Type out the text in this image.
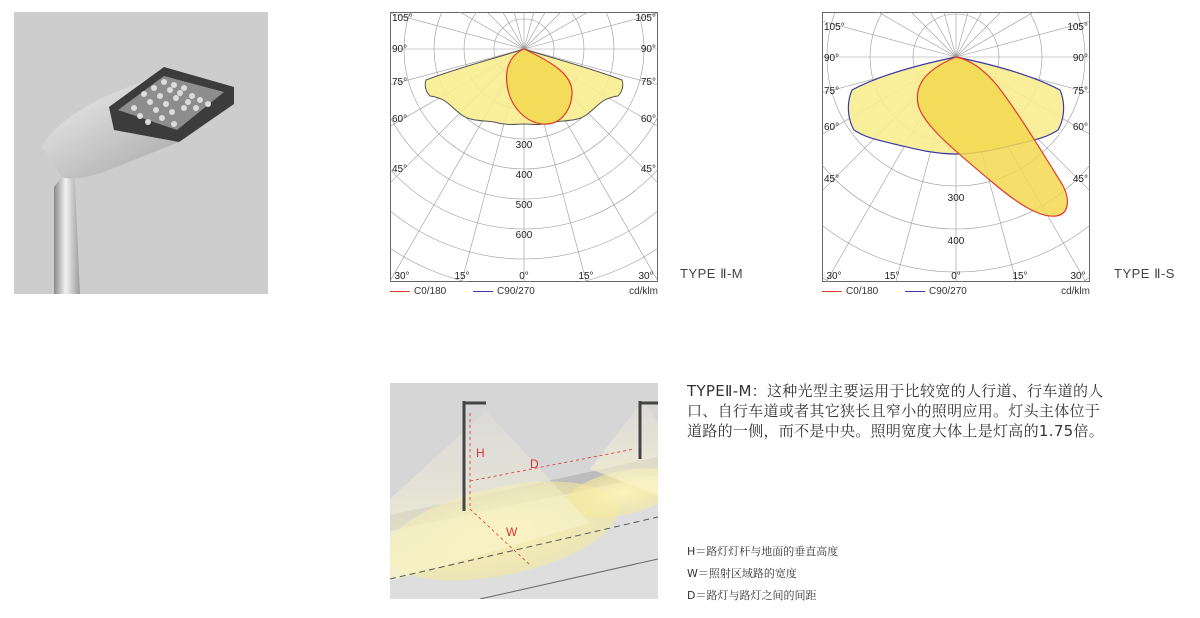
105°
90°
75°
60°
45°
105°
90°
75°
60°
45°
30°	15°	0°	15°	30°
300
400
500
600
C0/180	C90/270	cd/klm
TYPE Ⅱ-M
105°
90°
75°
60°
45°
105°
90°
75°
60°
45°
30°	15°	0°	15°	30°
300
400
C0/180	C90/270	cd/klm
TYPE Ⅱ-S
H
D
W
TYPEⅡ-M：这种光型主要运用于比较宽的人行道、行车道的人口、自行车道或者其它狭长且窄小的照明应用。灯头主体位于道路的一侧，而不是中央。照明宽度大体上是灯高的1.75倍。
H＝路灯灯杆与地面的垂直高度
W＝照射区域路的宽度
D＝路灯与路灯之间的间距
